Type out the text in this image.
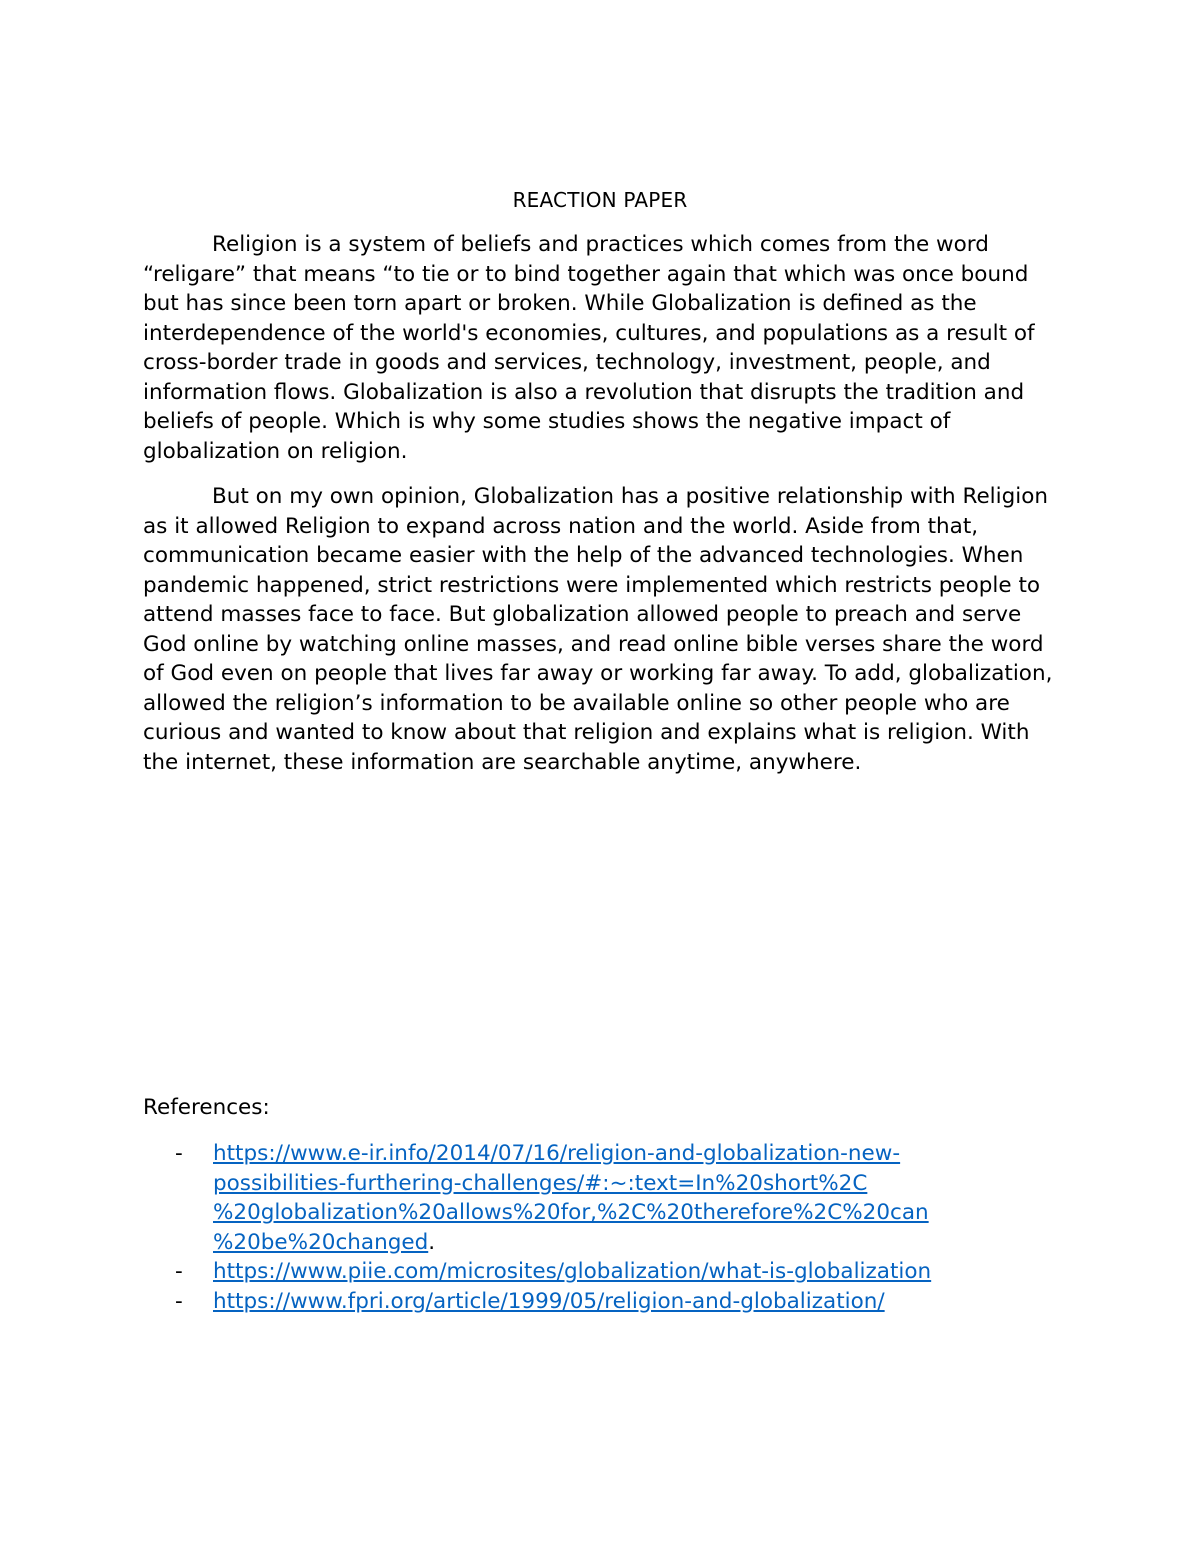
REACTION PAPER

Religion is a system of beliefs and practices which comes from the word “religare” that means “to tie or to bind together again that which was once bound but has since been torn apart or broken. While Globalization is defined as the interdependence of the world's economies, cultures, and populations as a result of cross-border trade in goods and services, technology, investment, people, and information flows. Globalization is also a revolution that disrupts the tradition and beliefs of people. Which is why some studies shows the negative impact of globalization on religion.

But on my own opinion, Globalization has a positive relationship with Religion as it allowed Religion to expand across nation and the world. Aside from that, communication became easier with the help of the advanced technologies. When pandemic happened, strict restrictions were implemented which restricts people to attend masses face to face. But globalization allowed people to preach and serve God online by watching online masses, and read online bible verses share the word of God even on people that lives far away or working far away. To add, globalization, allowed the religion’s information to be available online so other people who are curious and wanted to know about that religion and explains what is religion. With the internet, these information are searchable anytime, anywhere.

References:

- https://www.e-ir.info/2014/07/16/religion-and-globalization-new-
possibilities-furthering-challenges/#:~:text=In%20short%2C
%20globalization%20allows%20for,%2C%20therefore%2C%20can
%20be%20changed.
- https://www.piie.com/microsites/globalization/what-is-globalization
- https://www.fpri.org/article/1999/05/religion-and-globalization/
